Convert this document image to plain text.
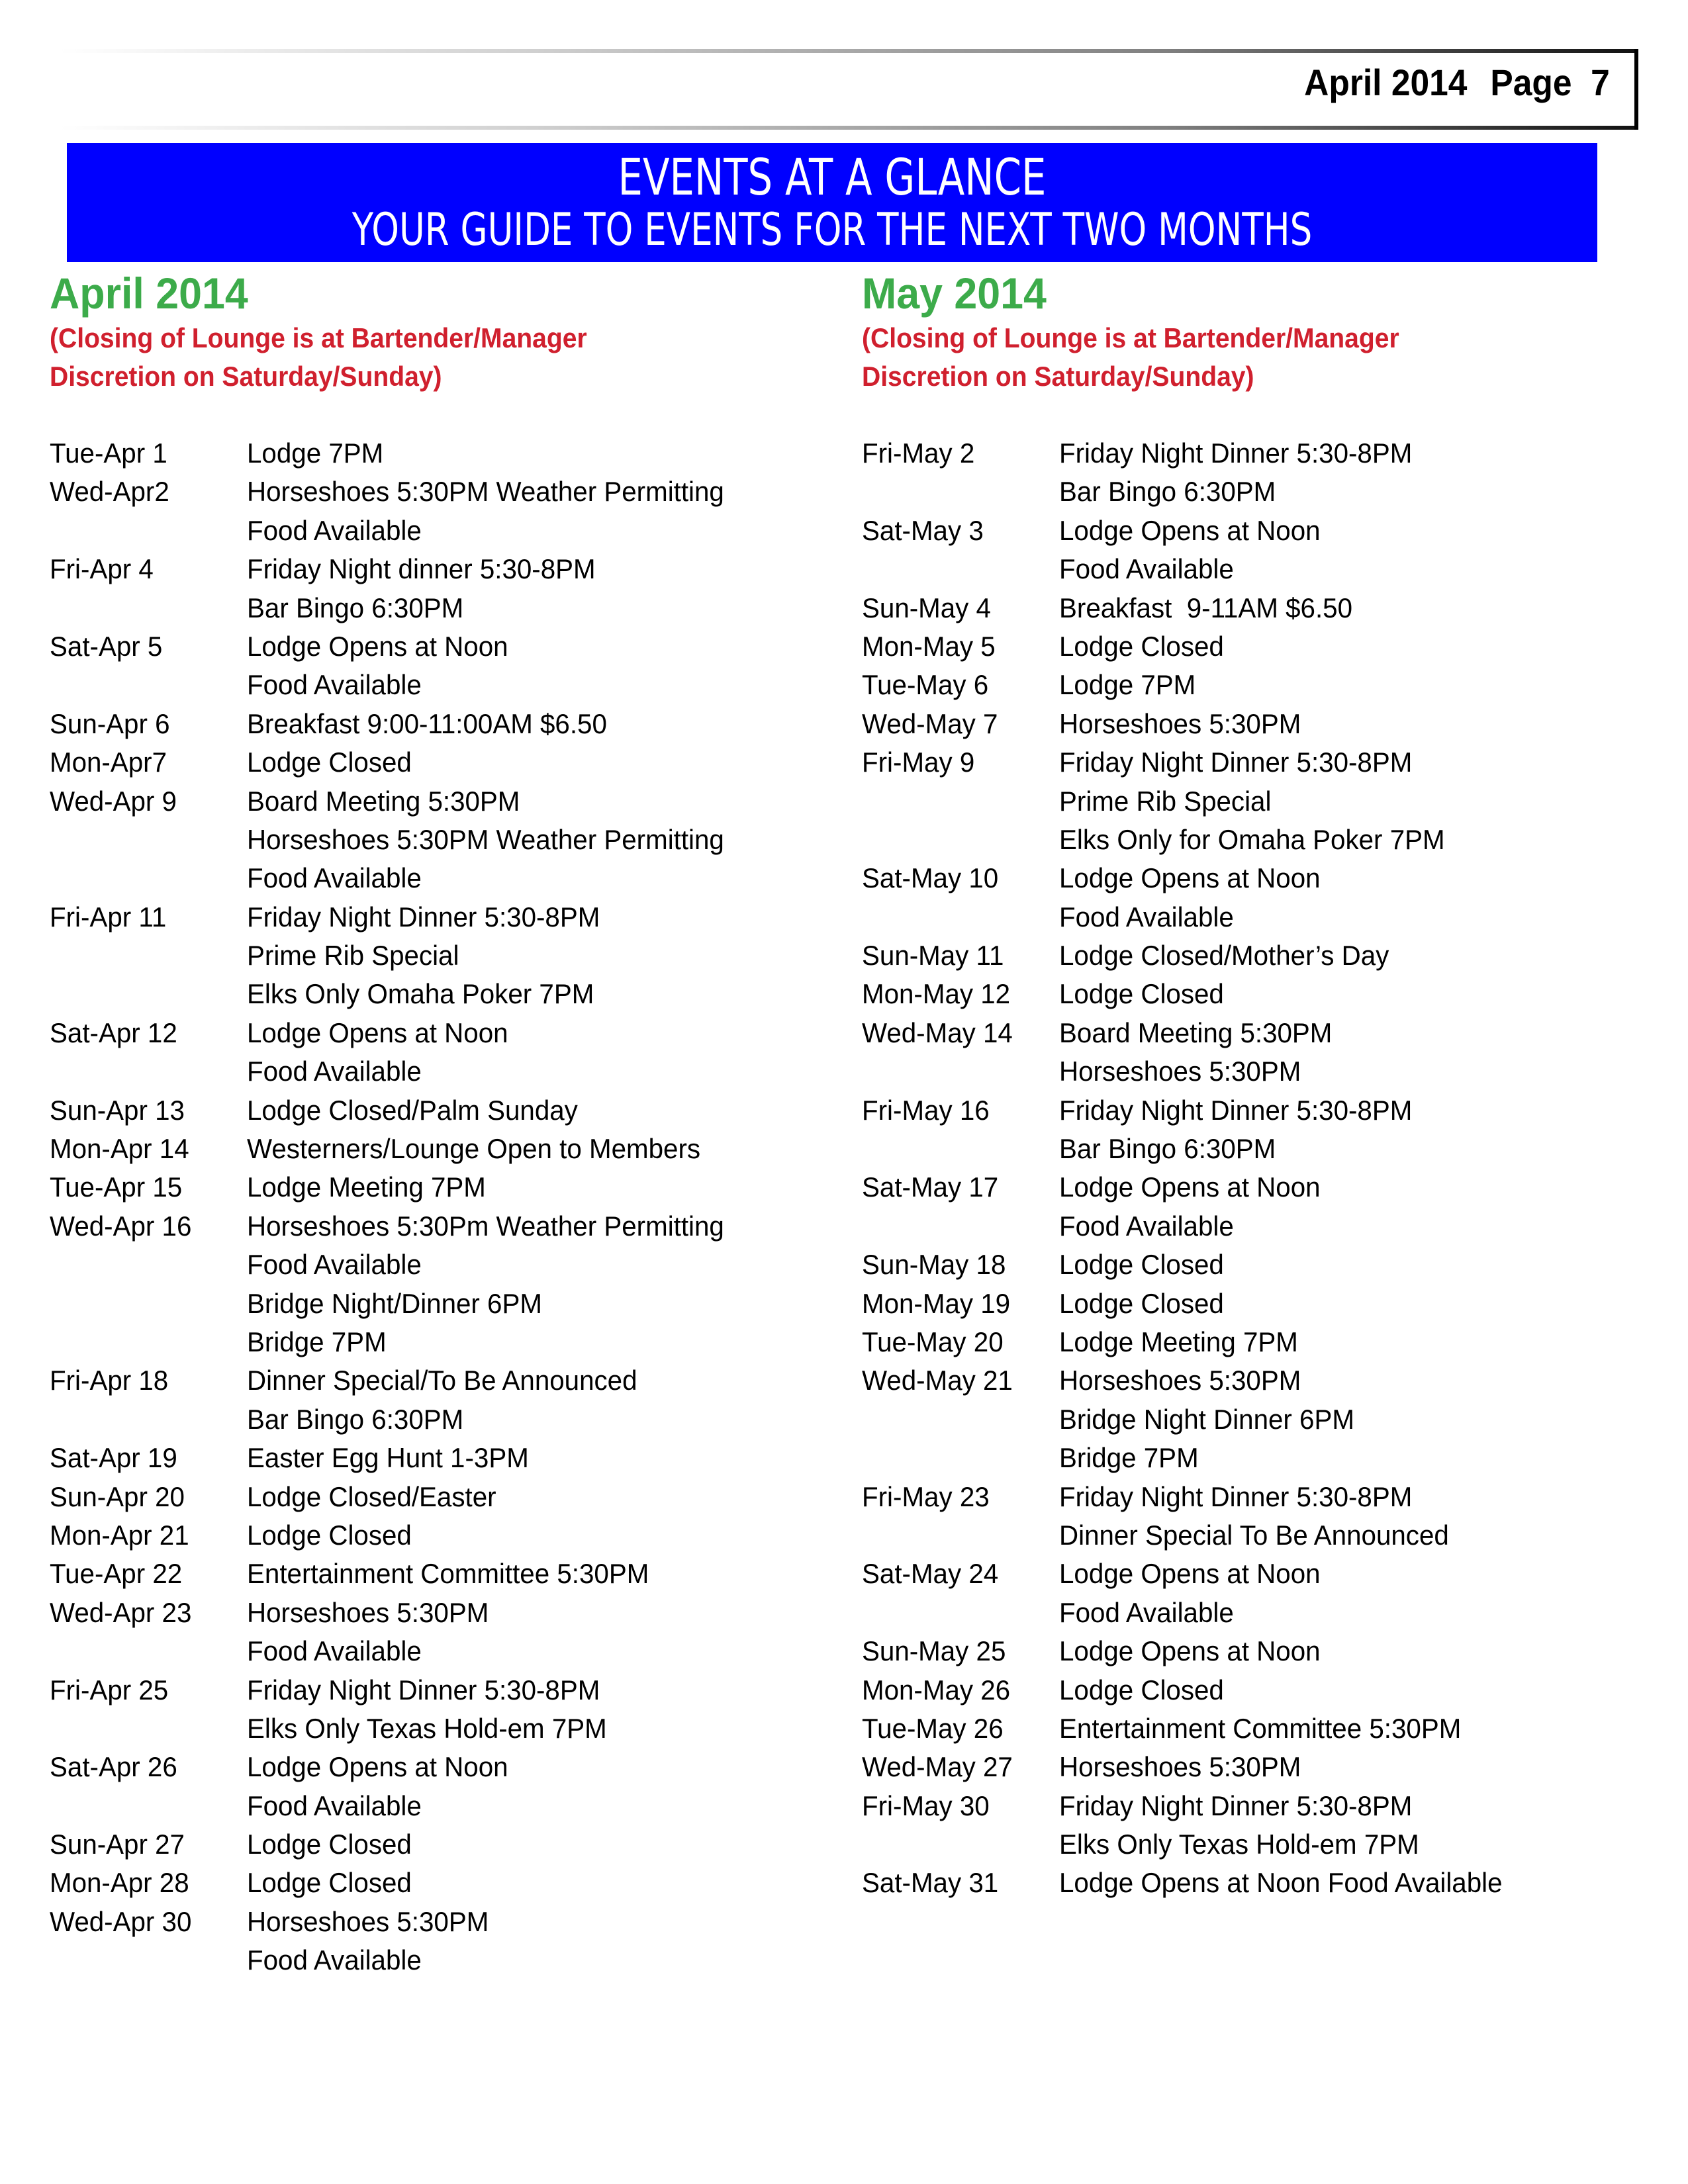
April 2014 Page  7
EVENTS AT A GLANCE
YOUR GUIDE TO EVENTS FOR THE NEXT TWO MONTHS
April 2014
(Closing of Lounge is at Bartender/Manager
Discretion on Saturday/Sunday)
Tue-Apr 1	Lodge 7PM
Wed-Apr2	Horseshoes 5:30PM Weather Permitting
Food Available
Fri-Apr 4	Friday Night dinner 5:30-8PM
Bar Bingo 6:30PM
Sat-Apr 5	Lodge Opens at Noon
Food Available
Sun-Apr 6	Breakfast 9:00-11:00AM $6.50
Mon-Apr7	Lodge Closed
Wed-Apr 9	Board Meeting 5:30PM
Horseshoes 5:30PM Weather Permitting
Food Available
Fri-Apr 11	Friday Night Dinner 5:30-8PM
Prime Rib Special
Elks Only Omaha Poker 7PM
Sat-Apr 12	Lodge Opens at Noon
Food Available
Sun-Apr 13 Lodge Closed/Palm Sunday
Mon-Apr 14 Westerners/Lounge Open to Members
Tue-Apr 15 Lodge Meeting 7PM
Wed-Apr 16 Horseshoes 5:30Pm Weather Permitting
Food Available
Bridge Night/Dinner 6PM
Bridge 7PM
Fri-Apr 18	Dinner Special/To Be Announced
Bar Bingo 6:30PM
Sat-Apr 19	Easter Egg Hunt 1-3PM
Sun-Apr 20 Lodge Closed/Easter
Mon-Apr 21 Lodge Closed
Tue-Apr 22 Entertainment Committee 5:30PM
Wed-Apr 23 Horseshoes 5:30PM
Food Available
Fri-Apr 25	Friday Night Dinner 5:30-8PM
Elks Only Texas Hold-em 7PM
Sat-Apr 26	Lodge Opens at Noon
Food Available
Sun-Apr 27 Lodge Closed
Mon-Apr 28 Lodge Closed
Wed-Apr 30 Horseshoes 5:30PM
Food Available
May 2014
(Closing of Lounge is at Bartender/Manager
Discretion on Saturday/Sunday)
Fri-May 2	Friday Night Dinner 5:30-8PM
Bar Bingo 6:30PM
Sat-May 3	Lodge Opens at Noon
Food Available
Sun-May 4 Breakfast  9-11AM $6.50
Mon-May 5 Lodge Closed
Tue-May 6	Lodge 7PM
Wed-May 7 Horseshoes 5:30PM
Fri-May 9	Friday Night Dinner 5:30-8PM
Prime Rib Special
Elks Only for Omaha Poker 7PM
Sat-May 10 Lodge Opens at Noon
Food Available
Sun-May 11 Lodge Closed/Mother’s Day
Mon-May 12 Lodge Closed
Wed-May 14 Board Meeting 5:30PM
Horseshoes 5:30PM
Fri-May 16	Friday Night Dinner 5:30-8PM
Bar Bingo 6:30PM
Sat-May 17 Lodge Opens at Noon
Food Available
Sun-May 18 Lodge Closed
Mon-May 19 Lodge Closed
Tue-May 20 Lodge Meeting 7PM
Wed-May 21 Horseshoes 5:30PM
Bridge Night Dinner 6PM
Bridge 7PM
Fri-May 23	Friday Night Dinner 5:30-8PM
Dinner Special To Be Announced
Sat-May 24 Lodge Opens at Noon
Food Available
Sun-May 25 Lodge Opens at Noon
Mon-May 26 Lodge Closed
Tue-May 26 Entertainment Committee 5:30PM
Wed-May 27 Horseshoes 5:30PM
Fri-May 30	Friday Night Dinner 5:30-8PM
Elks Only Texas Hold-em 7PM
Sat-May 31 Lodge Opens at Noon Food Available
